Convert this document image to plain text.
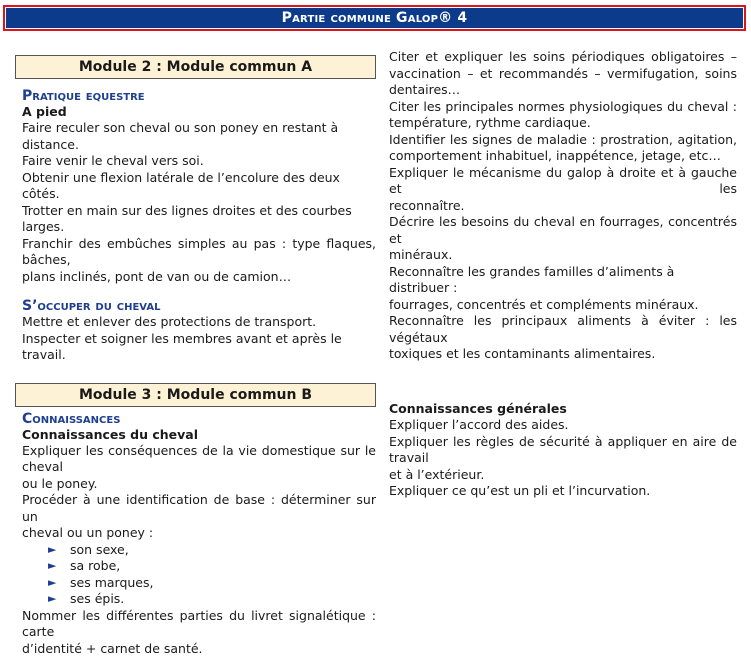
Partie commune Galop® 4
Module 2 : Module commun A
Pratique equestre
A pied
Faire reculer son cheval ou son poney en restant à distance.
Faire venir le cheval vers soi.
Obtenir une flexion latérale de l’encolure des deux côtés.
Trotter en main sur des lignes droites et des courbes larges.
Franchir des embûches simples au pas : type flaques, bâches,
plans inclinés, pont de van ou de camion…
S’occuper du cheval
Mettre et enlever des protections de transport.
Inspecter et soigner les membres avant et après le travail.
Module 3 : Module commun B
Connaissances
Connaissances du cheval
Expliquer les conséquences de la vie domestique sur le cheval
ou le poney.
Procéder à une identification de base : déterminer sur un
cheval ou un poney :
► son sexe,
► sa robe,
► ses marques,
► ses épis.
Nommer les différentes parties du livret signalétique : carte
d’identité + carnet de santé.
Citer et expliquer les soins périodiques obligatoires –
vaccination – et recommandés – vermifugation, soins
dentaires…
Citer les principales normes physiologiques du cheval :
température, rythme cardiaque.
Identifier les signes de maladie : prostration, agitation,
comportement inhabituel, inappétence, jetage, etc…
Expliquer le mécanisme du galop à droite et à gauche et les
reconnaître.
Décrire les besoins du cheval en fourrages, concentrés et
minéraux.
Reconnaître les grandes familles d’aliments à distribuer :
fourrages, concentrés et compléments minéraux.
Reconnaître les principaux aliments à éviter : les végétaux
toxiques et les contaminants alimentaires.
Connaissances générales
Expliquer l’accord des aides.
Expliquer les règles de sécurité à appliquer en aire de travail
et à l’extérieur.
Expliquer ce qu’est un pli et l’incurvation.
